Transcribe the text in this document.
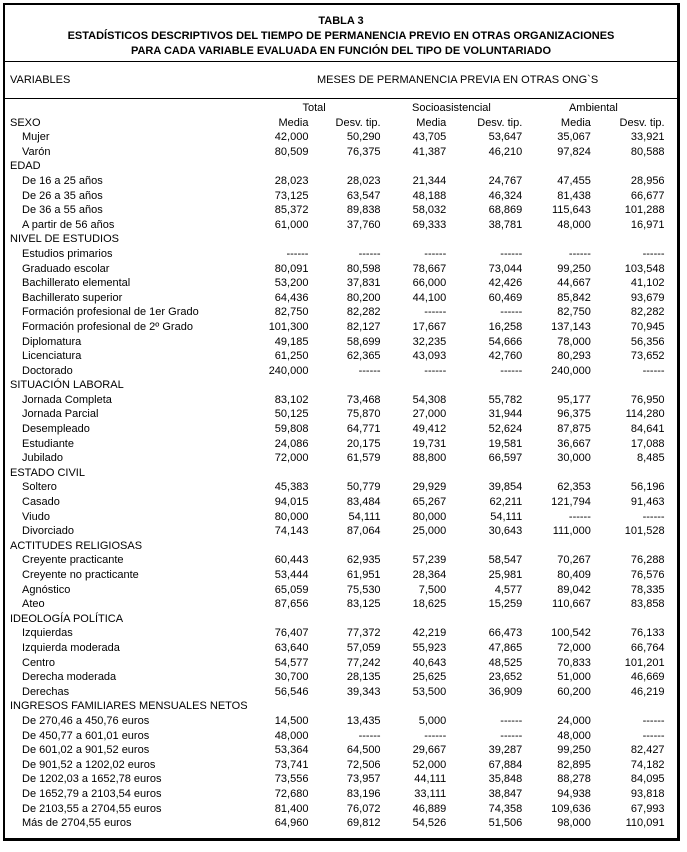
TABLA 3
ESTADÍSTICOS DESCRIPTIVOS DEL TIEMPO DE PERMANENCIA PREVIO EN OTRAS ORGANIZACIONES
PARA CADA VARIABLE EVALUADA EN FUNCIÓN DEL TIPO DE VOLUNTARIADO
VARIABLES	MESES DE PERMANENCIA PREVIA EN OTRAS ONG`S
	Total		Socioasistencial		Ambiental		
SEXO	Media	Desv. tip.	Media	Desv. tip.	Media	Desv. tip.	
Mujer	42,000	50,290	43,705	53,647	35,067	33,921	
Varón	80,509	76,375	41,387	46,210	97,824	80,588	
EDAD							
De 16 a 25 años	28,023	28,023	21,344	24,767	47,455	28,956	
De 26 a 35 años	73,125	63,547	48,188	46,324	81,438	66,677	
De 36 a 55 años	85,372	89,838	58,032	68,869	115,643	101,288	
A partir de 56 años	61,000	37,760	69,333	38,781	48,000	16,971	
NIVEL DE ESTUDIOS							
Estudios primarios	------	------	------	------	------	------	
Graduado escolar	80,091	80,598	78,667	73,044	99,250	103,548	
Bachillerato elemental	53,200	37,831	66,000	42,426	44,667	41,102	
Bachillerato superior	64,436	80,200	44,100	60,469	85,842	93,679	
Formación profesional de 1er Grado	82,750	82,282	------	------	82,750	82,282	
Formación profesional de 2º Grado	101,300	82,127	17,667	16,258	137,143	70,945	
Diplomatura	49,185	58,699	32,235	54,666	78,000	56,356	
Licenciatura	61,250	62,365	43,093	42,760	80,293	73,652	
Doctorado	240,000	------	------	------	240,000	------	
SITUACIÓN LABORAL							
Jornada Completa	83,102	73,468	54,308	55,782	95,177	76,950	
Jornada Parcial	50,125	75,870	27,000	31,944	96,375	114,280	
Desempleado	59,808	64,771	49,412	52,624	87,875	84,641	
Estudiante	24,086	20,175	19,731	19,581	36,667	17,088	
Jubilado	72,000	61,579	88,800	66,597	30,000	8,485	
ESTADO CIVIL							
Soltero	45,383	50,779	29,929	39,854	62,353	56,196	
Casado	94,015	83,484	65,267	62,211	121,794	91,463	
Viudo	80,000	54,111	80,000	54,111	------	------	
Divorciado	74,143	87,064	25,000	30,643	111,000	101,528	
ACTITUDES RELIGIOSAS							
Creyente practicante	60,443	62,935	57,239	58,547	70,267	76,288	
Creyente no practicante	53,444	61,951	28,364	25,981	80,409	76,576	
Agnóstico	65,059	75,530	7,500	4,577	89,042	78,335	
Ateo	87,656	83,125	18,625	15,259	110,667	83,858	
IDEOLOGÍA POLÍTICA							
Izquierdas	76,407	77,372	42,219	66,473	100,542	76,133	
Izquierda moderada	63,640	57,059	55,923	47,865	72,000	66,764	
Centro	54,577	77,242	40,643	48,525	70,833	101,201	
Derecha moderada	30,700	28,135	25,625	23,652	51,000	46,669	
Derechas	56,546	39,343	53,500	36,909	60,200	46,219	
INGRESOS FAMILIARES MENSUALES NETOS							
De 270,46 a 450,76 euros	14,500	13,435	5,000	------	24,000	------	
De 450,77 a 601,01 euros	48,000	------	------	------	48,000	------	
De 601,02 a 901,52 euros	53,364	64,500	29,667	39,287	99,250	82,427	
De 901,52 a 1202,02 euros	73,741	72,506	52,000	67,884	82,895	74,182	
De 1202,03 a 1652,78 euros	73,556	73,957	44,111	35,848	88,278	84,095	
De 1652,79 a 2103,54 euros	72,680	83,196	33,111	38,847	94,938	93,818	
De 2103,55 a 2704,55 euros	81,400	76,072	46,889	74,358	109,636	67,993	
Más de 2704,55 euros	64,960	69,812	54,526	51,506	98,000	110,091	
